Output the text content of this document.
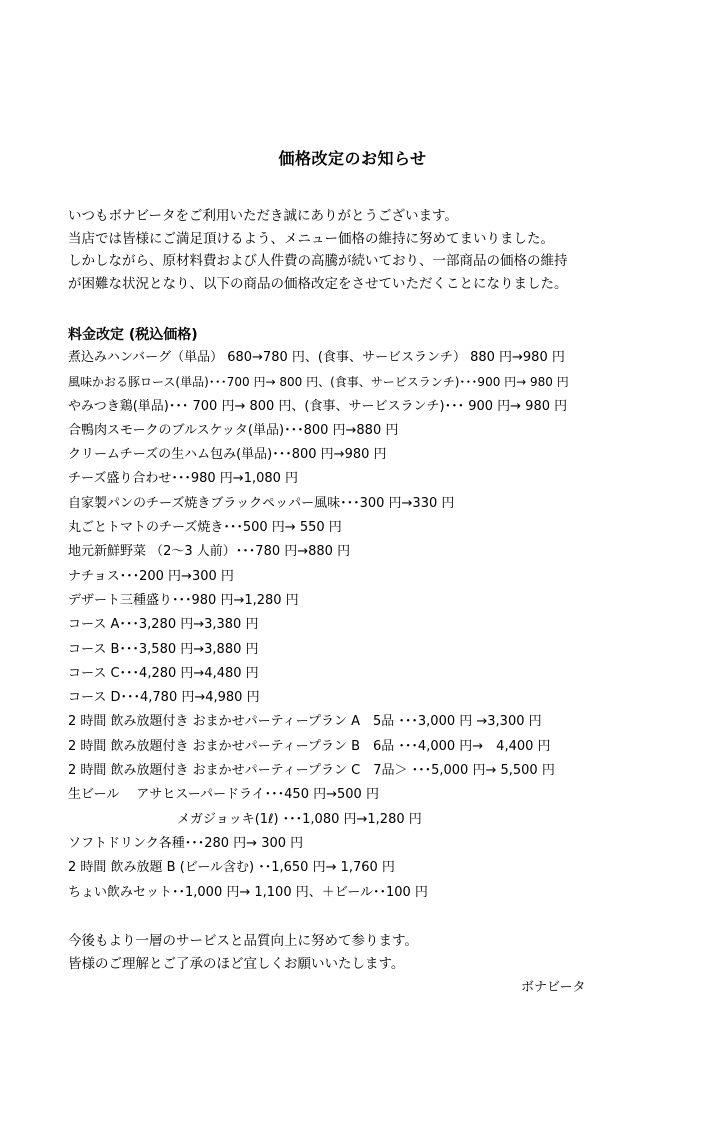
価格改定のお知らせ
いつもボナビータをご利用いただき誠にありがとうございます。
当店では皆様にご満足頂けるよう、メニュー価格の維持に努めてまいりました。
しかしながら、原材料費および人件費の高騰が続いており、一部商品の価格の維持
が困難な状況となり、以下の商品の価格改定をさせていただくことになりました。
料金改定 (税込価格)
煮込みハンバーグ（単品） 680→780 円、(食事、サービスランチ） 880 円→980 円
風味かおる豚ロース(単品)･･･700 円→ 800 円、(食事、サービスランチ)･･･900 円→ 980 円
やみつき鶏(単品)･･･ 700 円→ 800 円、(食事、サービスランチ)･･･ 900 円→ 980 円
合鴨肉スモークのブルスケッタ(単品)･･･800 円→880 円
クリームチーズの生ハム包み(単品)･･･800 円→980 円
チーズ盛り合わせ･･･980 円→1,080 円
自家製パンのチーズ焼きブラックペッパー風味･･･300 円→330 円
丸ごとトマトのチーズ焼き･･･500 円→ 550 円
地元新鮮野菜 （2～3 人前）･･･780 円→880 円
ナチョス･･･200 円→300 円
デザート三種盛り･･･980 円→1,280 円
コース A･･･3,280 円→3,380 円
コース B･･･3,580 円→3,880 円
コース C･･･4,280 円→4,480 円
コース D･･･4,780 円→4,980 円
2 時間 飲み放題付き おまかせパーティープラン A　5品 ･･･3,000 円 →3,300 円
2 時間 飲み放題付き おまかせパーティープラン B　6品 ･･･4,000 円→　4,400 円
2 時間 飲み放題付き おまかせパーティープラン C　7品＞ ･･･5,000 円→ 5,500 円
生ビール　 アサヒスーパードライ･･･450 円→500 円
メガジョッキ(1ℓ) ･･･1,080 円→1,280 円
ソフトドリンク各種･･･280 円→ 300 円
2 時間 飲み放題 B (ビール含む) ･･1,650 円→ 1,760 円
ちょい飲みセット･･1,000 円→ 1,100 円、＋ビール･･100 円
今後もより一層のサービスと品質向上に努めて参ります。
皆様のご理解とご了承のほど宜しくお願いいたします。
ボナビータ
